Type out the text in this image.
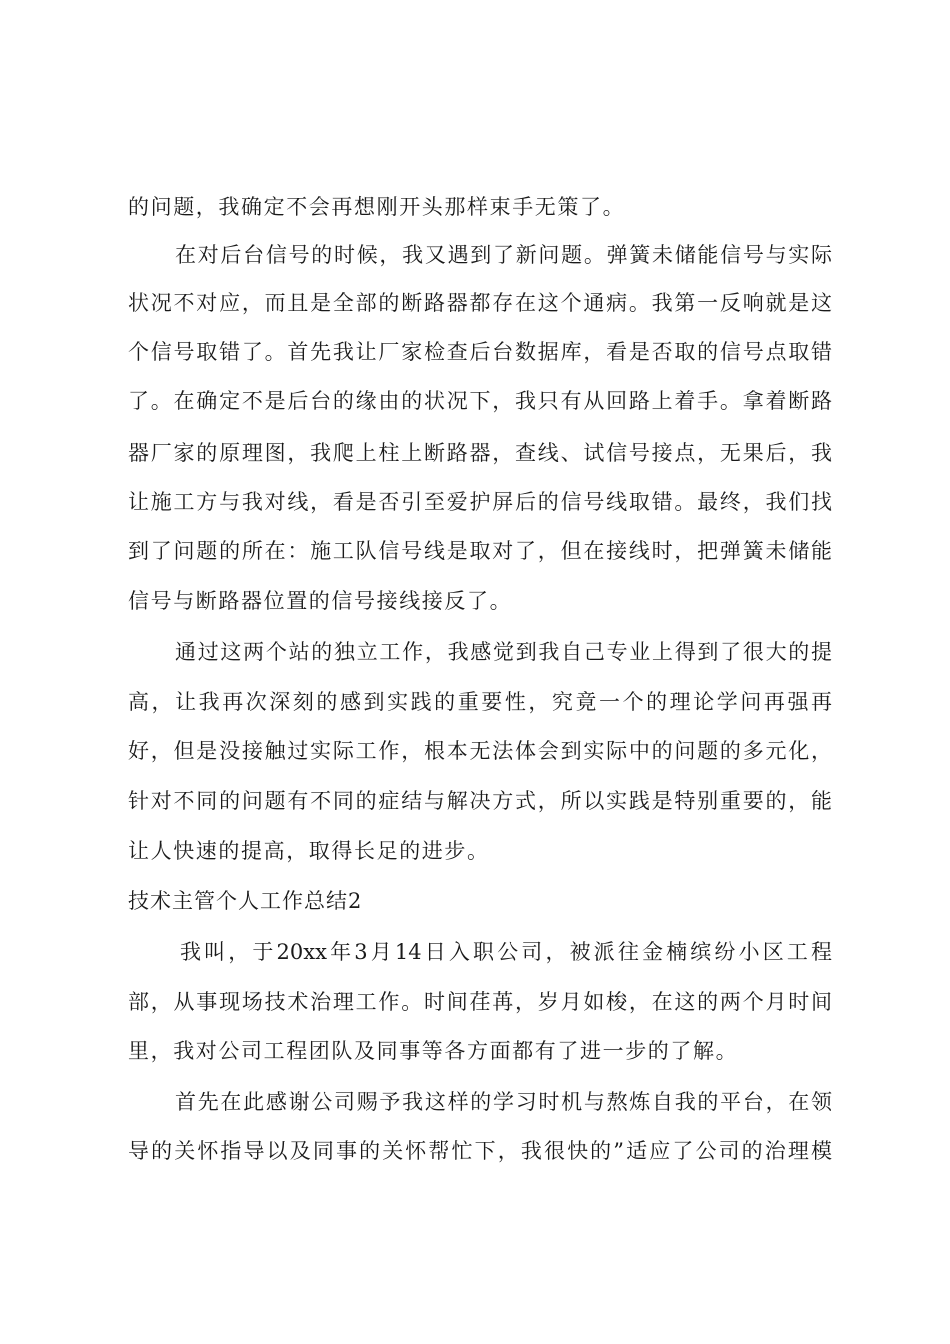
的问题，我确定不会再想刚开头那样束手无策了。
在对后台信号的时候，我又遇到了新问题。弹簧未储能信号与实际
状况不对应，而且是全部的断路器都存在这个通病。我第一反响就是这
个信号取错了。首先我让厂家检查后台数据库，看是否取的信号点取错
了。在确定不是后台的缘由的状况下，我只有从回路上着手。拿着断路
器厂家的原理图，我爬上柱上断路器，查线、试信号接点，无果后，我
让施工方与我对线，看是否引至爱护屏后的信号线取错。最终，我们找
到了问题的所在：施工队信号线是取对了，但在接线时，把弹簧未储能
信号与断路器位置的信号接线接反了。
通过这两个站的独立工作，我感觉到我自己专业上得到了很大的提
高，让我再次深刻的感到实践的重要性，究竟一个的理论学问再强再
好，但是没接触过实际工作，根本无法体会到实际中的问题的多元化，
针对不同的问题有不同的症结与解决方式，所以实践是特别重要的，能
让人快速的提高，取得长足的进步。
技术主管个人工作总结2
我叫，于20xx年3月14日入职公司，被派往金楠缤纷小区工程
部，从事现场技术治理工作。时间荏苒，岁月如梭，在这的两个月时间
里，我对公司工程团队及同事等各方面都有了进一步的了解。
首先在此感谢公司赐予我这样的学习时机与熬炼自我的平台，在领
导的关怀指导以及同事的关怀帮忙下，我很快的”适应了公司的治理模
